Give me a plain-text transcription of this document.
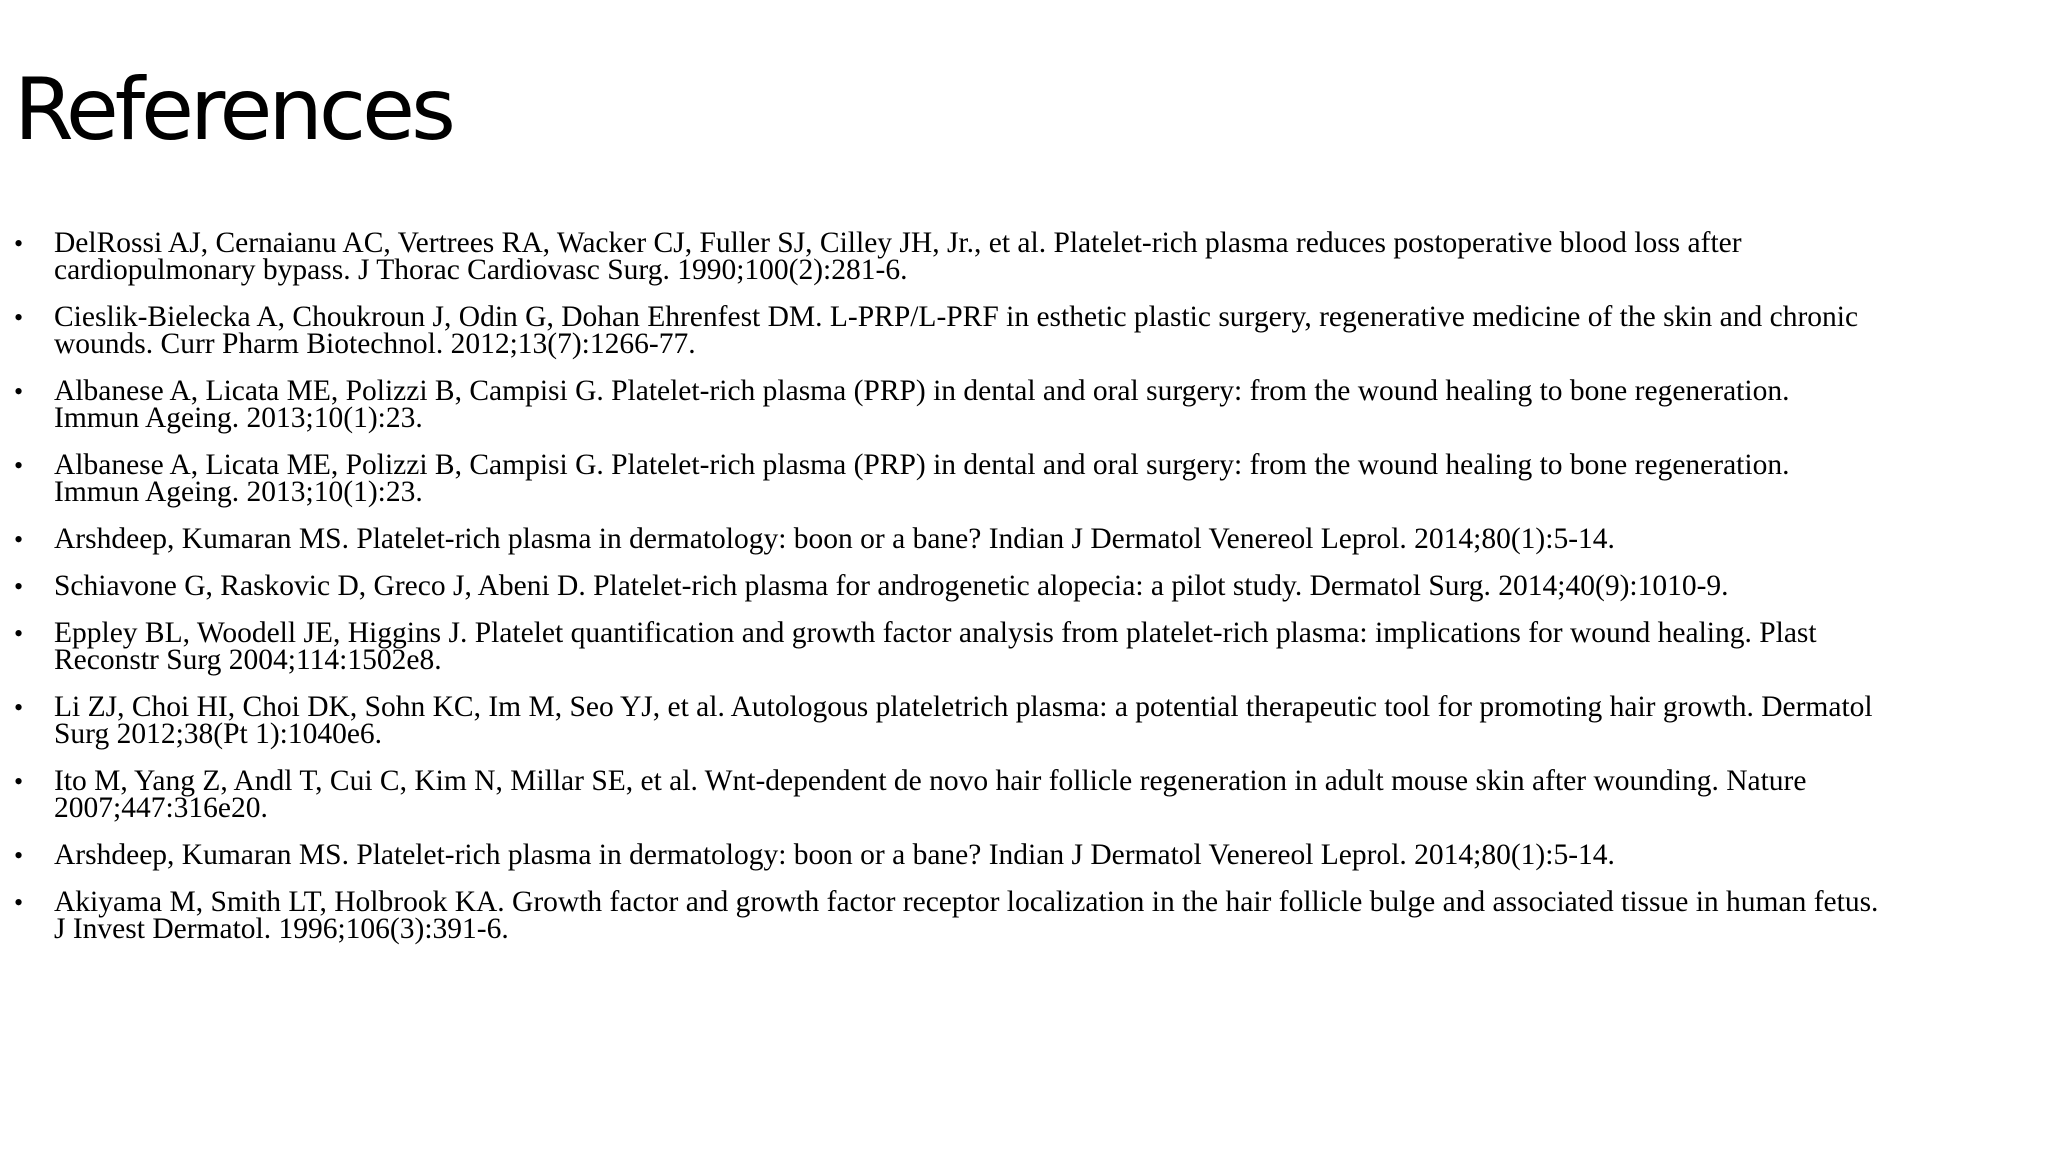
References
• DelRossi AJ, Cernaianu AC, Vertrees RA, Wacker CJ, Fuller SJ, Cilley JH, Jr., et al. Platelet-rich plasma reduces postoperative blood loss after
cardiopulmonary bypass. J Thorac Cardiovasc Surg. 1990;100(2):281-6.
• Cieslik-Bielecka A, Choukroun J, Odin G, Dohan Ehrenfest DM. L-PRP/L-PRF in esthetic plastic surgery, regenerative medicine of the skin and chronic
wounds. Curr Pharm Biotechnol. 2012;13(7):1266-77.
• Albanese A, Licata ME, Polizzi B, Campisi G. Platelet-rich plasma (PRP) in dental and oral surgery: from the wound healing to bone regeneration.
Immun Ageing. 2013;10(1):23.
• Albanese A, Licata ME, Polizzi B, Campisi G. Platelet-rich plasma (PRP) in dental and oral surgery: from the wound healing to bone regeneration.
Immun Ageing. 2013;10(1):23.
• Arshdeep, Kumaran MS. Platelet-rich plasma in dermatology: boon or a bane? Indian J Dermatol Venereol Leprol. 2014;80(1):5-14.
• Schiavone G, Raskovic D, Greco J, Abeni D. Platelet-rich plasma for androgenetic alopecia: a pilot study. Dermatol Surg. 2014;40(9):1010-9.
• Eppley BL, Woodell JE, Higgins J. Platelet quantification and growth factor analysis from platelet-rich plasma: implications for wound healing. Plast
Reconstr Surg 2004;114:1502e8.
• Li ZJ, Choi HI, Choi DK, Sohn KC, Im M, Seo YJ, et al. Autologous plateletrich plasma: a potential therapeutic tool for promoting hair growth. Dermatol
Surg 2012;38(Pt 1):1040e6.
• Ito M, Yang Z, Andl T, Cui C, Kim N, Millar SE, et al. Wnt-dependent de novo hair follicle regeneration in adult mouse skin after wounding. Nature
2007;447:316e20.
• Arshdeep, Kumaran MS. Platelet-rich plasma in dermatology: boon or a bane? Indian J Dermatol Venereol Leprol. 2014;80(1):5-14.
• Akiyama M, Smith LT, Holbrook KA. Growth factor and growth factor receptor localization in the hair follicle bulge and associated tissue in human fetus.
J Invest Dermatol. 1996;106(3):391-6.
